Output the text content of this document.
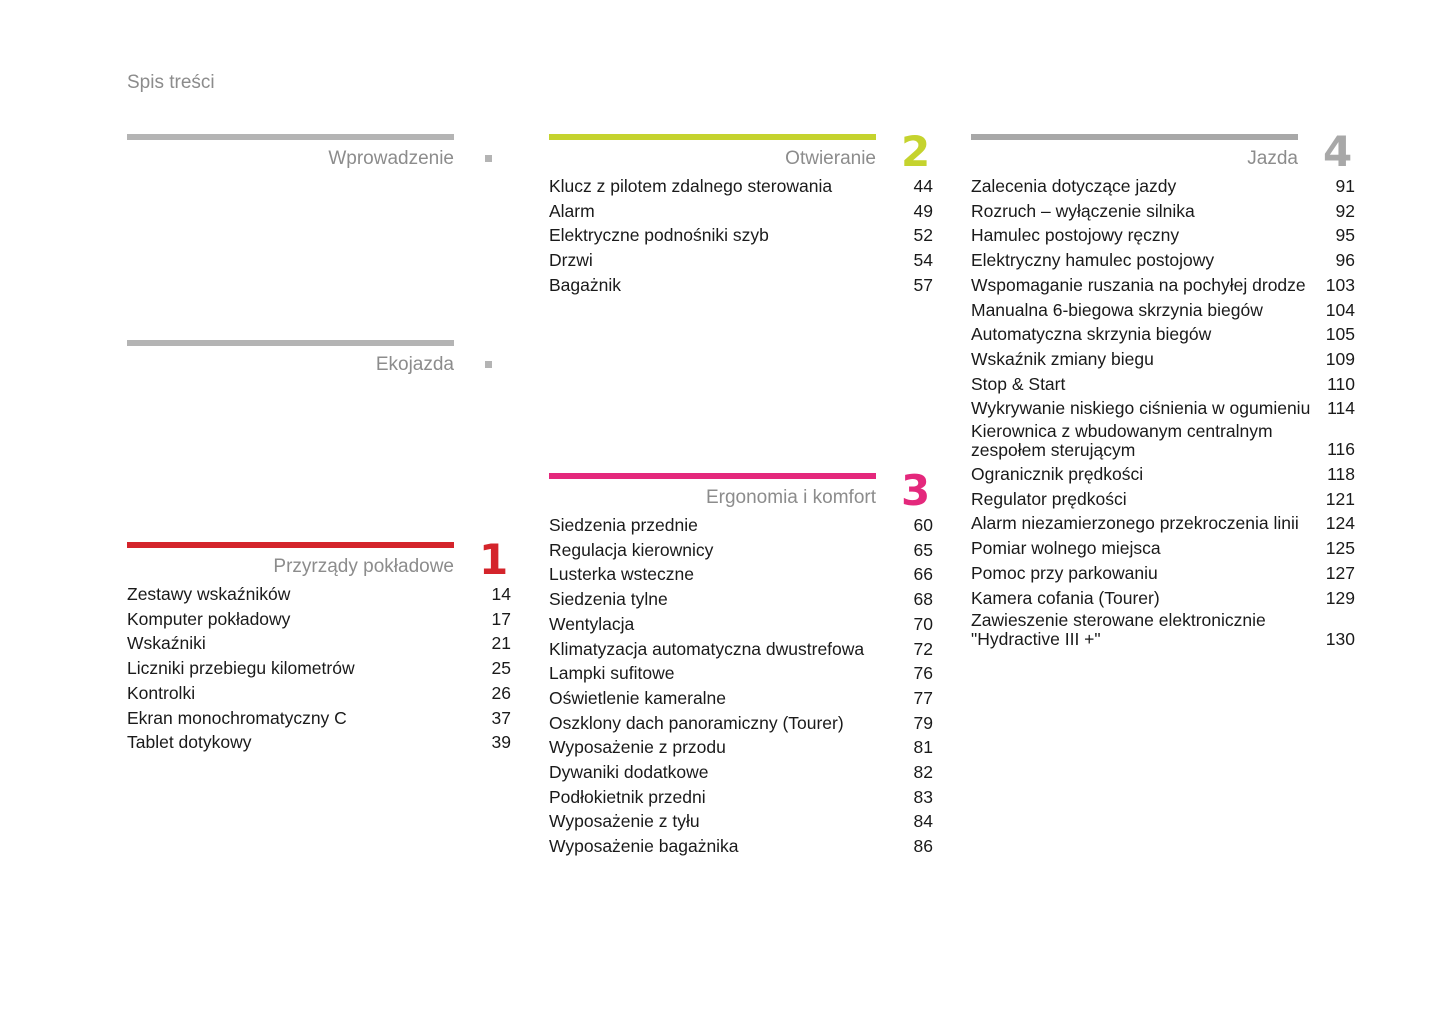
Spis treści
Wprowadzenie
Ekojazda
Przyrządy pokładowe 1
Zestawy wskaźników	14
Komputer pokładowy	17
Wskaźniki	21
Liczniki przebiegu kilometrów	25
Kontrolki	26
Ekran monochromatyczny C	37
Tablet dotykowy	39
Otwieranie 2
Klucz z pilotem zdalnego sterowania	44
Alarm	49
Elektryczne podnośniki szyb	52
Drzwi	54
Bagażnik	57
Ergonomia i komfort 3
Siedzenia przednie	60
Regulacja kierownicy	65
Lusterka wsteczne	66
Siedzenia tylne	68
Wentylacja	70
Klimatyzacja automatyczna dwustrefowa	72
Lampki sufitowe	76
Oświetlenie kameralne	77
Oszklony dach panoramiczny (Tourer)	79
Wyposażenie z przodu	81
Dywaniki dodatkowe	82
Podłokietnik przedni	83
Wyposażenie z tyłu	84
Wyposażenie bagażnika	86
Jazda 4
Zalecenia dotyczące jazdy	91
Rozruch – wyłączenie silnika	92
Hamulec postojowy ręczny	95
Elektryczny hamulec postojowy	96
Wspomaganie ruszania na pochyłej drodze	103
Manualna 6-biegowa skrzynia biegów	104
Automatyczna skrzynia biegów	105
Wskaźnik zmiany biegu	109
Stop & Start	110
Wykrywanie niskiego ciśnienia w ogumieniu 114
Kierownica z wbudowanym centralnym zespołem sterującym	116
Ogranicznik prędkości	118
Regulator prędkości	121
Alarm niezamierzonego przekroczenia linii	124
Pomiar wolnego miejsca	125
Pomoc przy parkowaniu	127
Kamera cofania (Tourer)	129
Zawieszenie sterowane elektronicznie "Hydractive III +"	130
